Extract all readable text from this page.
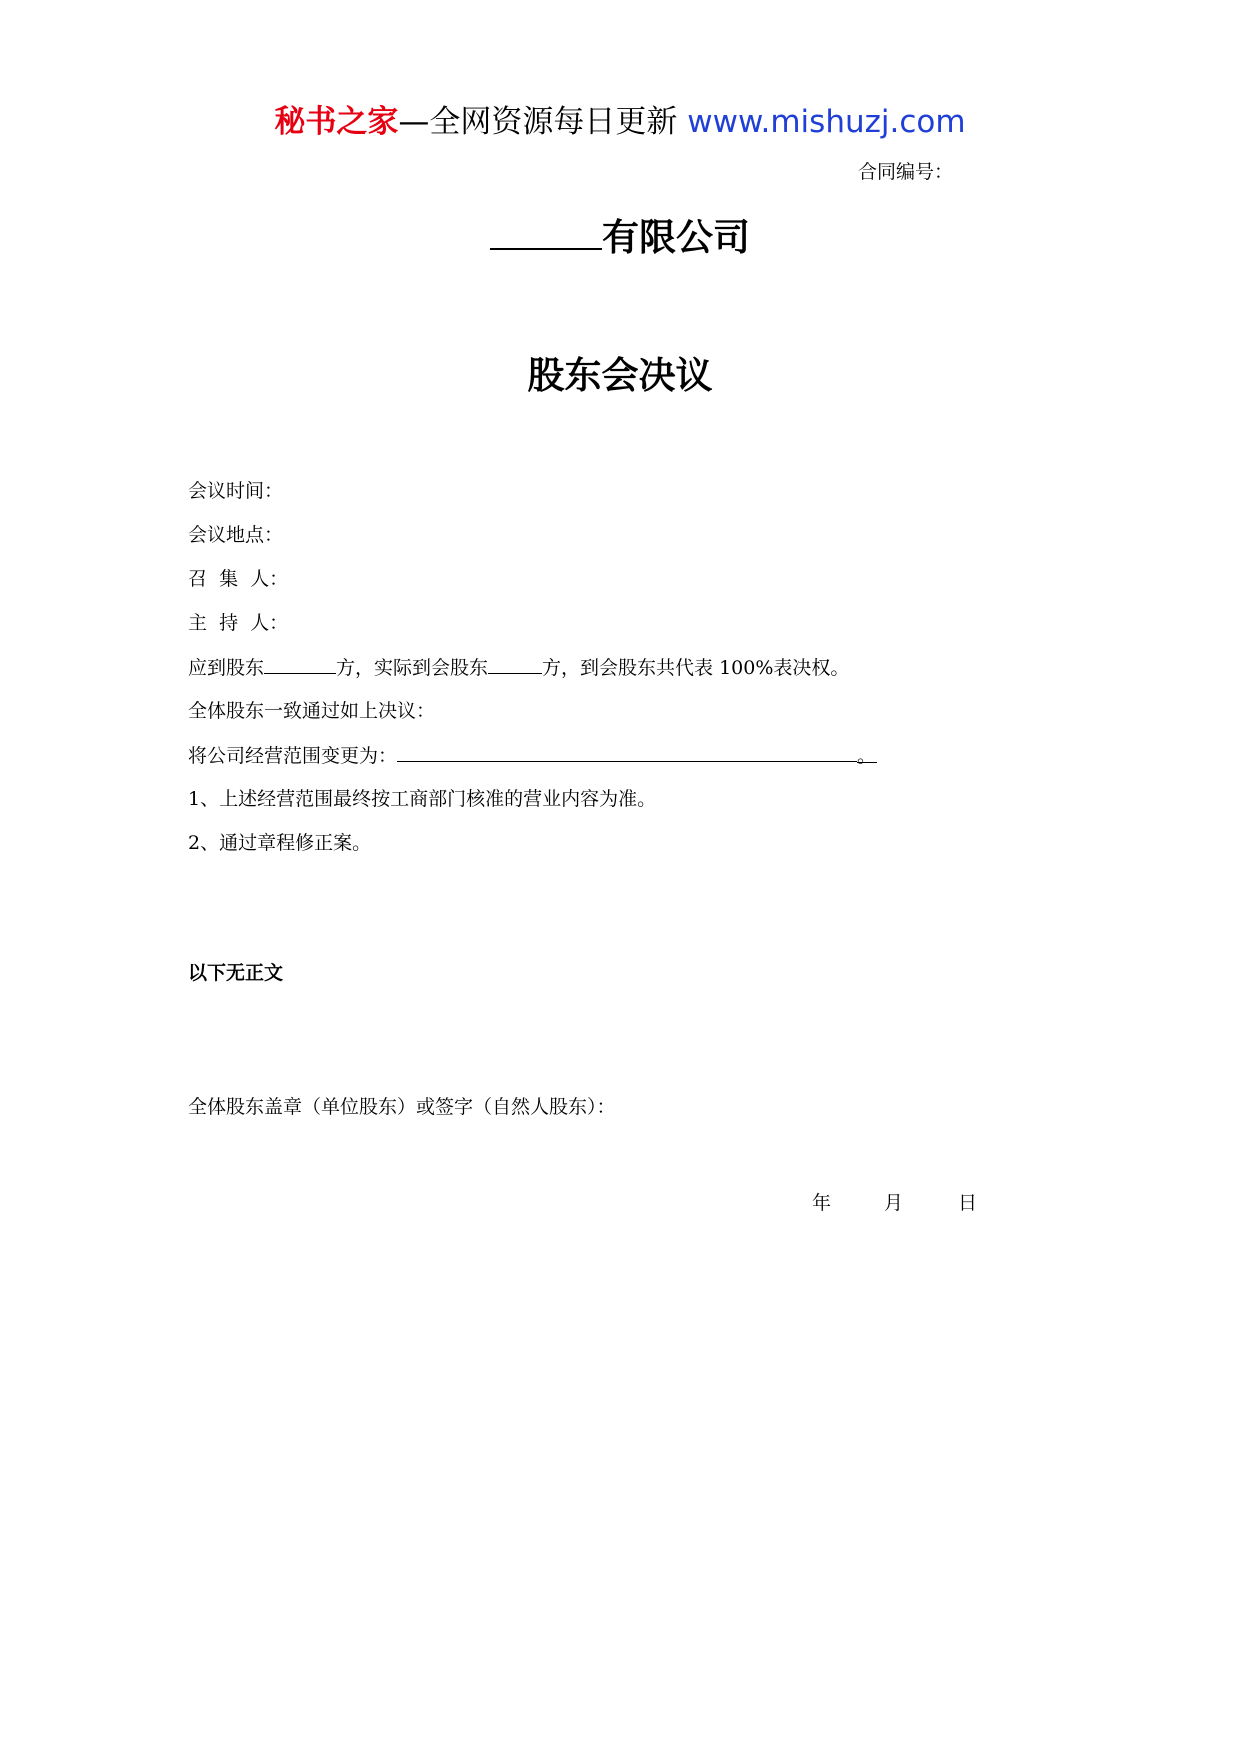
秘书之家—全网资源每日更新 www.mishuzj.com
合同编号：
有限公司
股东会决议
会议时间：
会议地点：
召  集  人：
主  持  人：
应到股东	方，实际到会股东	方，到会股东共代表 100%表决权。
全体股东一致通过如上决议：
将公司经营范围变更为：	。
1、上述经营范围最终按工商部门核准的营业内容为准。
2、通过章程修正案。
以下无正文
全体股东盖章（单位股东）或签字（自然人股东）：
年	月	日
